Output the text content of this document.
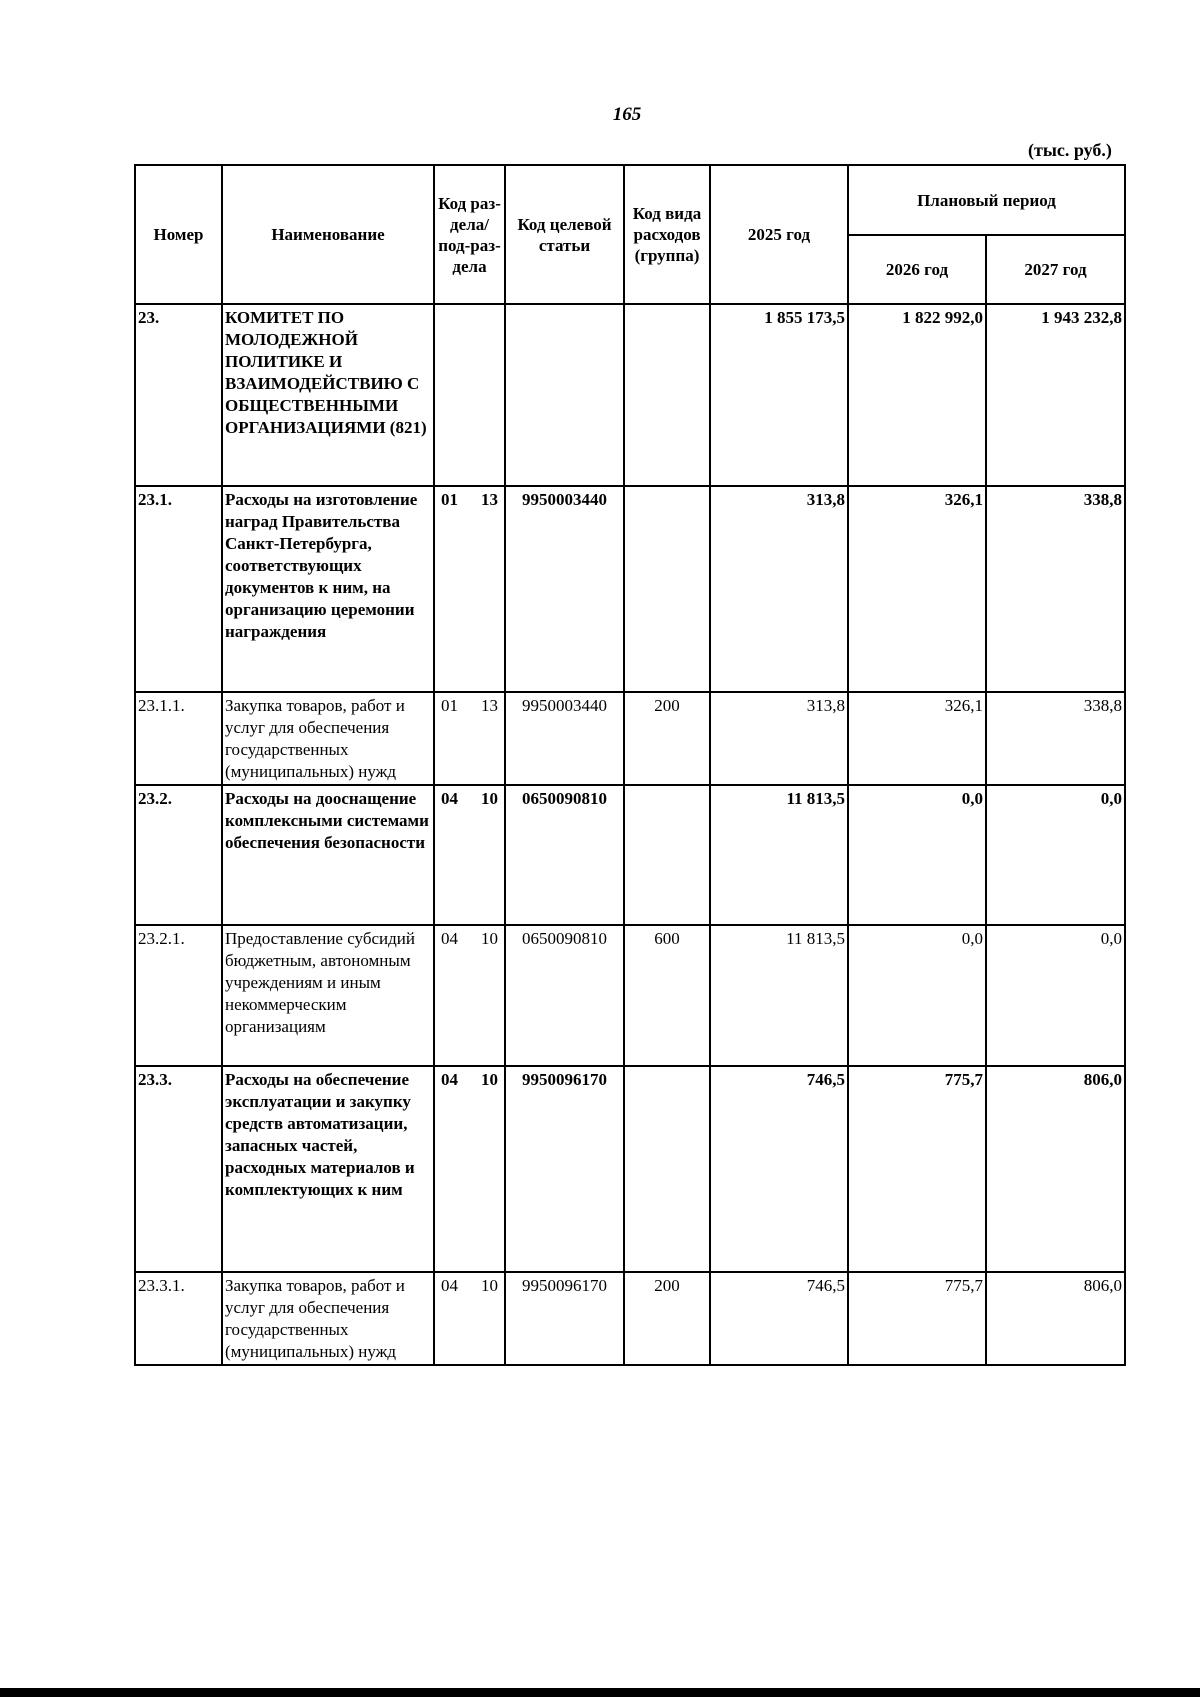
165
(тыс. руб.)
Номер	Наименование	Код раз-дела/ под-раз-дела	Код целевой статьи	Код вида расходов (группа)	2025 год	Плановый период	
						2026 год	2027 год
23.	КОМИТЕТ ПО МОЛОДЕЖНОЙ ПОЛИТИКЕ И ВЗАИМОДЕЙСТВИЮ С ОБЩЕСТВЕННЫМИ ОРГАНИЗАЦИЯМИ (821)				1 855 173,5	1 822 992,0	1 943 232,8
23.1.	Расходы на изготовление наград Правительства Санкт-Петербурга, соответствующих документов к ним, на организацию церемонии награждения	01 13	9950003440		313,8	326,1	338,8
23.1.1.	Закупка товаров, работ и услуг для обеспечения государственных (муниципальных) нужд	01 13	9950003440	200	313,8	326,1	338,8
23.2.	Расходы на дооснащение комплексными системами обеспечения безопасности	04 10	0650090810		11 813,5	0,0	0,0
23.2.1.	Предоставление субсидий бюджетным, автономным учреждениям и иным некоммерческим организациям	04 10	0650090810	600	11 813,5	0,0	0,0
23.3.	Расходы на обеспечение эксплуатации и закупку средств автоматизации, запасных частей, расходных материалов и комплектующих к ним	04 10	9950096170		746,5	775,7	806,0
23.3.1.	Закупка товаров, работ и услуг для обеспечения государственных (муниципальных) нужд	04 10	9950096170	200	746,5	775,7	806,0
